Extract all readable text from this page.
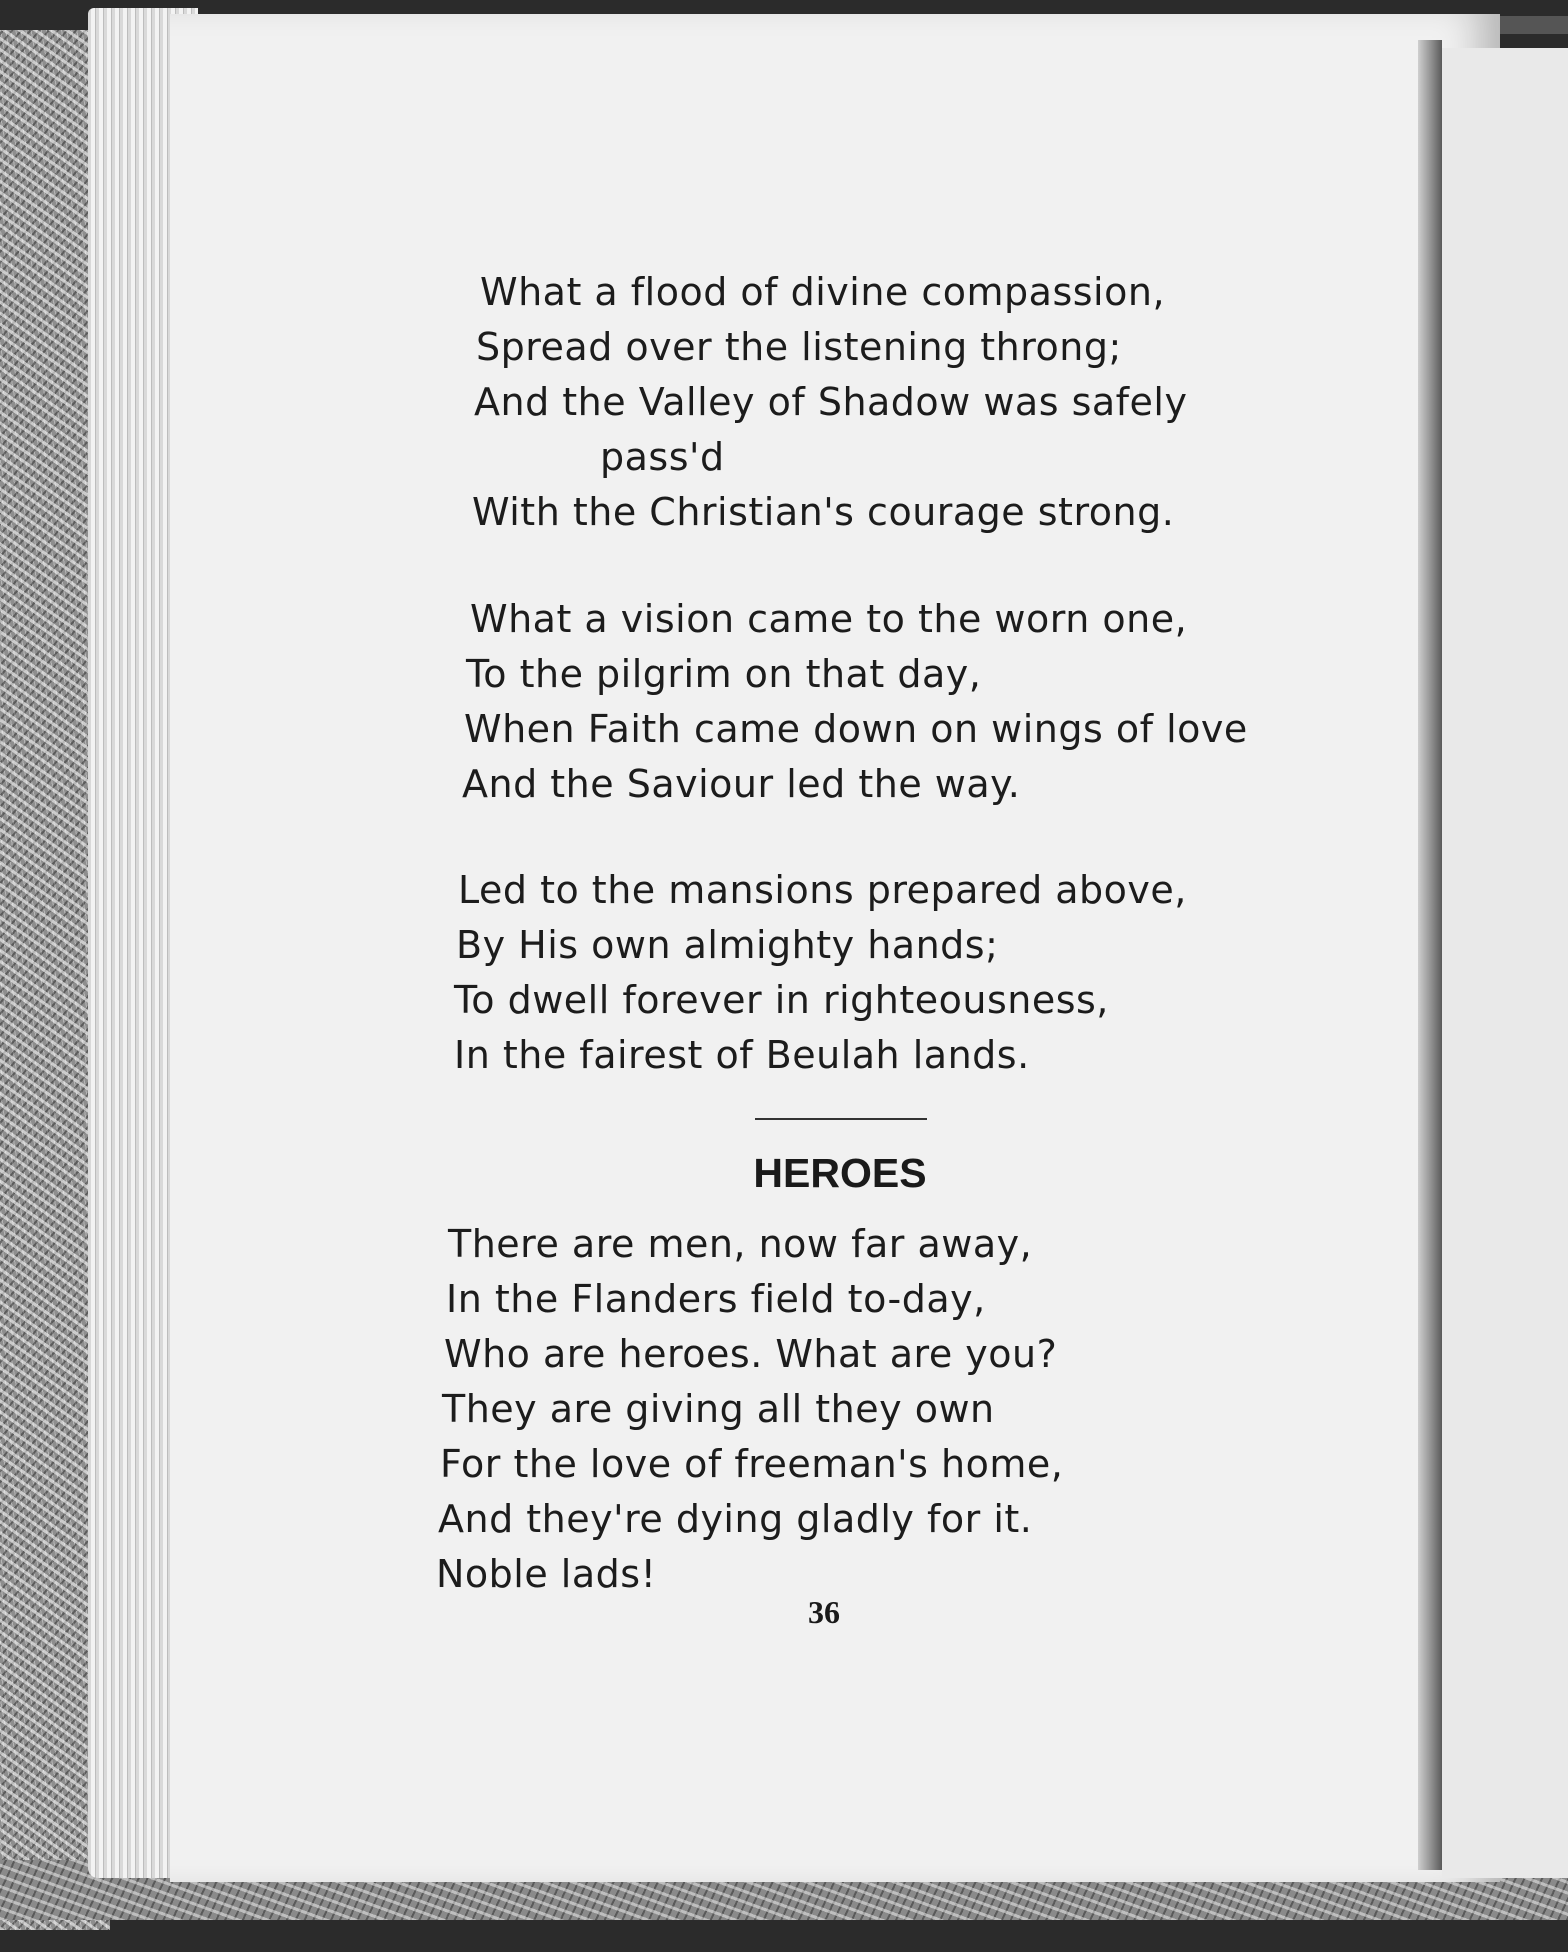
What a flood of divine compassion,
Spread over the listening throng;
And the Valley of Shadow was safely
pass'd
With the Christian's courage strong.
What a vision came to the worn one,
To the pilgrim on that day,
When Faith came down on wings of love
And the Saviour led the way.
Led to the mansions prepared above,
By His own almighty hands;
To dwell forever in righteousness,
In the fairest of Beulah lands.
HEROES
There are men, now far away,
In the Flanders field to-day,
Who are heroes. What are you?
They are giving all they own
For the love of freeman's home,
And they're dying gladly for it.
Noble lads!
36
